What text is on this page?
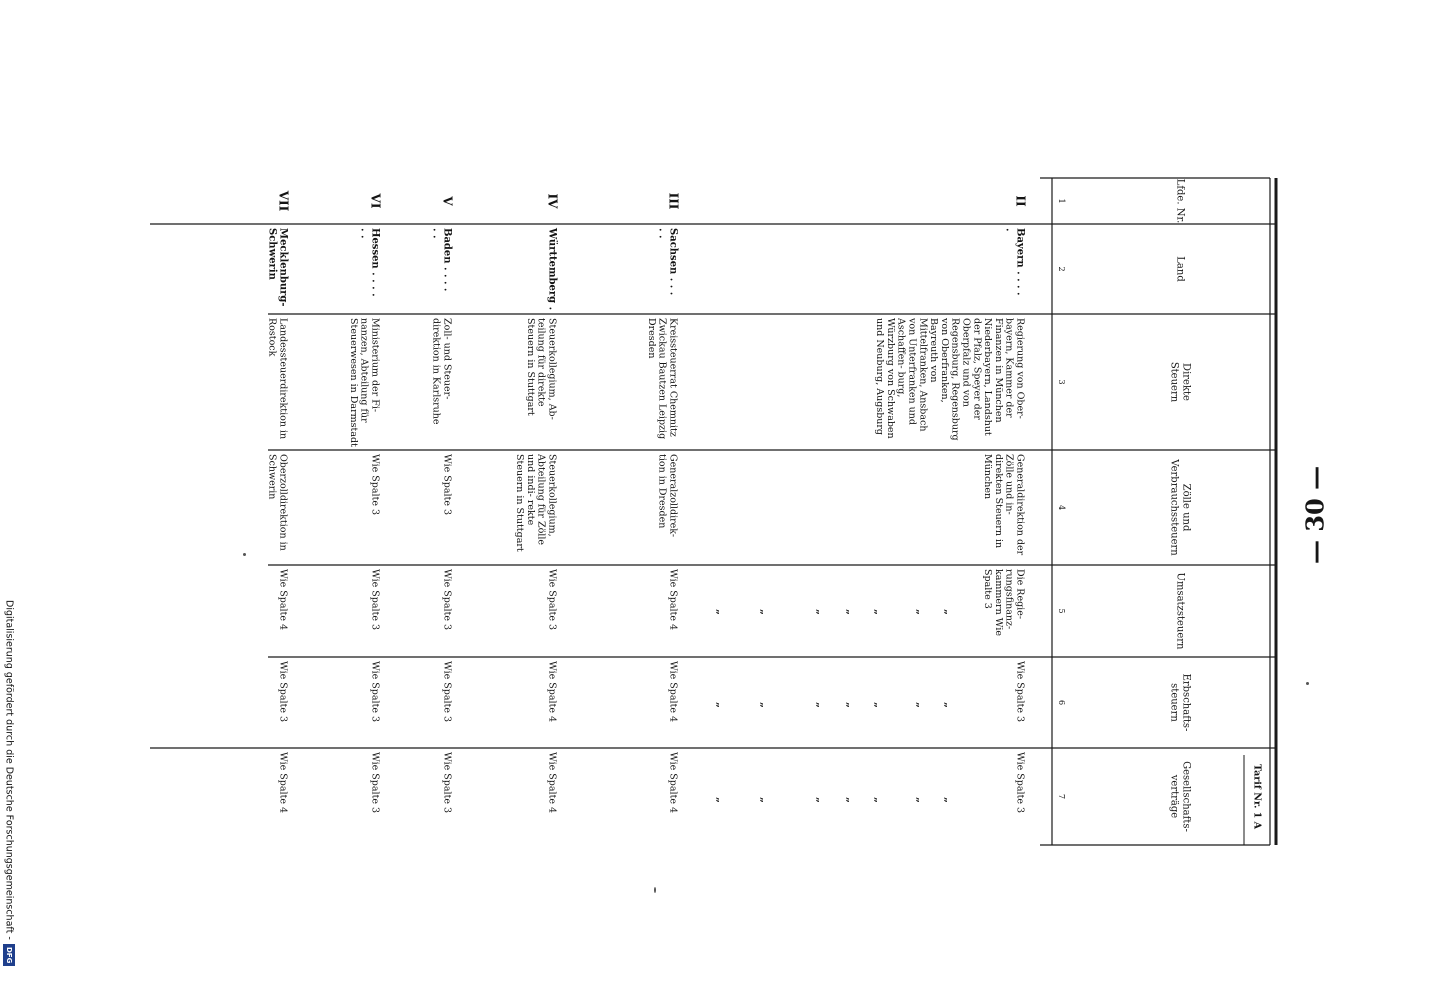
— 30 —
Lfde. Nr.
1
Land
2
Direkte
Steuern
3
Zölle und
Verbrauchssteuern
4
Umsatzsteuern
5
Erbschafts-
steuern
6
Gesellschafts-
verträge
7	Tarif Nr. 1 A
II
Bayern . . . .
.
Regierung von Ober-
bayern, Kammer der
Finanzen in München
Niederbayern, Landshut
der Pfalz, Speyer der
Oberpfalz und von
Regensburg, Regensburg
von Oberfranken,
Bayreuth von
Mittelfranken, Ansbach
von Unterfranken und
Aschaffen- burg,
Würzburg von Schwaben
und Neuburg, Augsburg
Generaldirektion der
Zölle und in-
direkten Steuern in
München
Die Regie-
rungsfinanz-
kammern Wie
Spalte 3
Wie Spalte 3
Wie Spalte 3
III
Sachsen . . .
. .
Kreissteuerrat Chemnitz
Zwickau Bautzen Leipzig
Dresden
Generalzolldirek-
tion in Dresden
Wie Spalte 4
Wie Spalte 4
Wie Spalte 4
IV
Württemberg .
Steuerkollegium, Ab-
teilung für direkte
Steuern in Stuttgart
Steuerkollegium,
Abteilung für Zölle
und indi- rekte
Steuern in Stuttgart
Wie Spalte 3
Wie Spalte 4
Wie Spalte 4
V
Baden . . . .
. .
Zoll- und Steuer-
direktion in Karlsruhe
Wie Spalte 3
Wie Spalte 3
Wie Spalte 3
Wie Spalte 3
VI
Hessen . . . .
. .
Ministerium der Fi-
nanzen, Abteilung für
Steuerwesen in Darmstadt
Wie Spalte 3
Wie Spalte 3
Wie Spalte 3
Wie Spalte 3
VII
Mecklenburg-
Schwerin
Landessteuerdirektion in
Rostock
Oberzolldirektion in
Schwerin
Wie Spalte 4
Wie Spalte 3
Wie Spalte 4
„
„
„
„
„
„
„
„
„
„
„
„
„
„
„
„
„
„
„
„
„
Digitalisierung gefördert durch die Deutsche Forschungsgemeinschaft -
DFG
